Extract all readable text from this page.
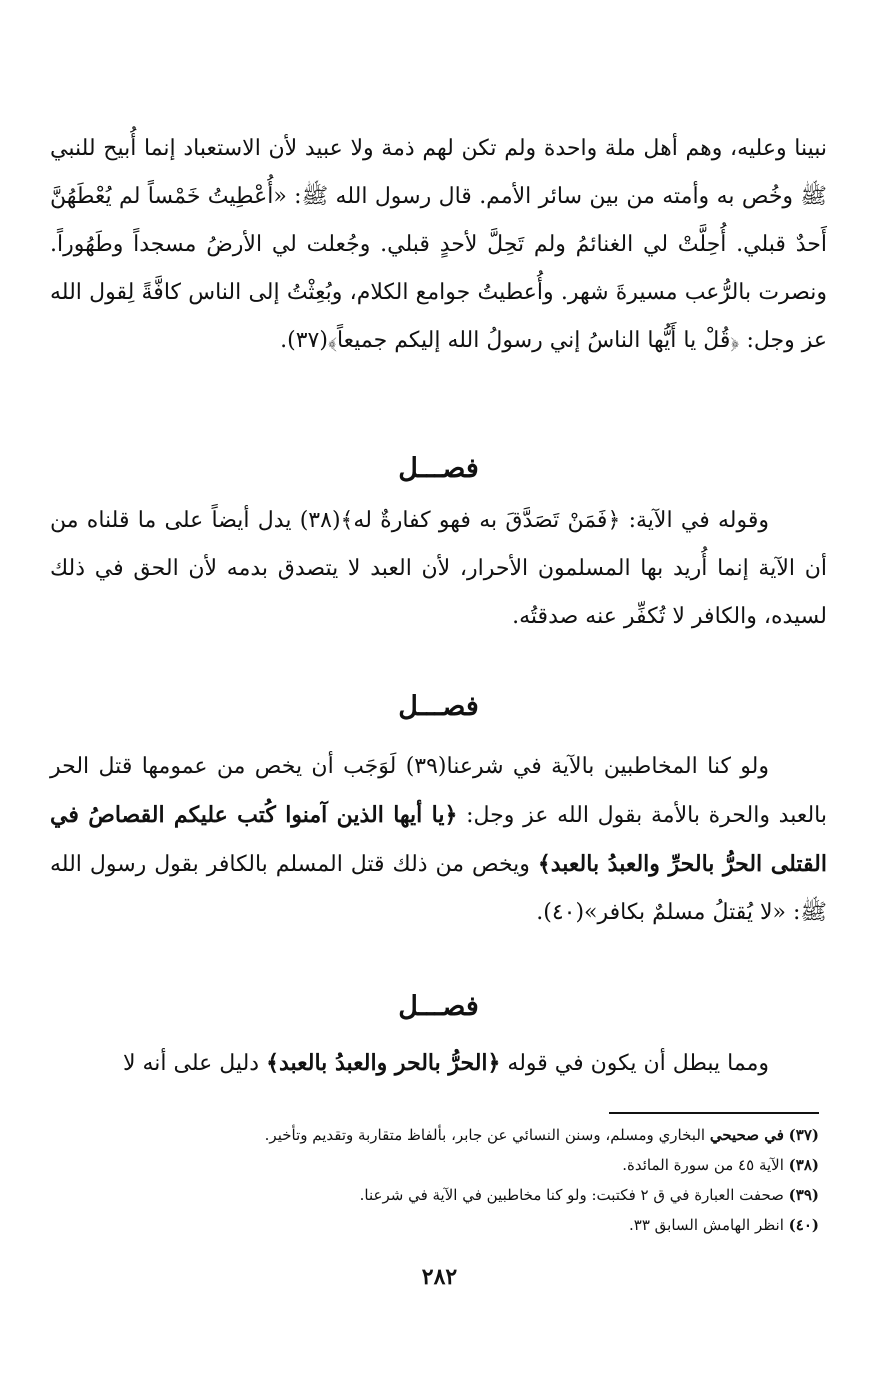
نبينا وعليه، وهم أهل ملة واحدة ولم تكن لهم ذمة ولا عبيد لأن الاستعباد إنما أُبيح للنبي ﷺ وخُص به وأمته من بين سائر الأمم. قال رسول الله ﷺ: «أُعْطِيتُ خَمْساً لم يُعْطَهُنَّ أَحدٌ قبلي. أُحِلَّتْ لي الغنائمُ ولم تَحِلَّ لأحدٍ قبلي. وجُعلت لي الأرضُ مسجداً وطَهُوراً. ونصرت بالرُّعب مسيرةَ شهر. وأُعطيتُ جوامع الكلام، وبُعِثْتُ إلى الناس كافَّةً لِقول الله عز وجل: ﴿قُلْ يا أَيُّها الناسُ إني رسولُ الله إليكم جميعاً﴾(٣٧).

فصـــل

وقوله في الآية: ﴿فَمَنْ تَصَدَّقَ به فهو كفارةٌ له﴾(٣٨) يدل أيضاً على ما قلناه من أن الآية إنما أُريد بها المسلمون الأحرار، لأن العبد لا يتصدق بدمه لأن الحق في ذلك لسيده، والكافر لا تُكفِّر عنه صدقتُه.

فصـــل

ولو كنا المخاطبين بالآية في شرعنا(٣٩) لَوَجَب أن يخص من عمومها قتل الحر بالعبد والحرة بالأمة بقول الله عز وجل: ﴿يا أيها الذين آمنوا كُتب عليكم القصاصُ في القتلى الحرُّ بالحرِّ والعبدُ بالعبد﴾ ويخص من ذلك قتل المسلم بالكافر بقول رسول الله ﷺ: «لا يُقتلُ مسلمٌ بكافر»(٤٠).

فصـــل

ومما يبطل أن يكون في قوله ﴿الحرُّ بالحر والعبدُ بالعبد﴾ دليل على أنه لا

(٣٧) في صحيحي البخاري ومسلم، وسنن النسائي عن جابر، بألفاظ متقاربة وتقديم وتأخير.
(٣٨) الآية ٤٥ من سورة المائدة.
(٣٩) صحفت العبارة في ق ٢ فكتبت: ولو كنا مخاطبين في الآية في شرعنا.
(٤٠) انظر الهامش السابق ٣٣.
٢٨٢
